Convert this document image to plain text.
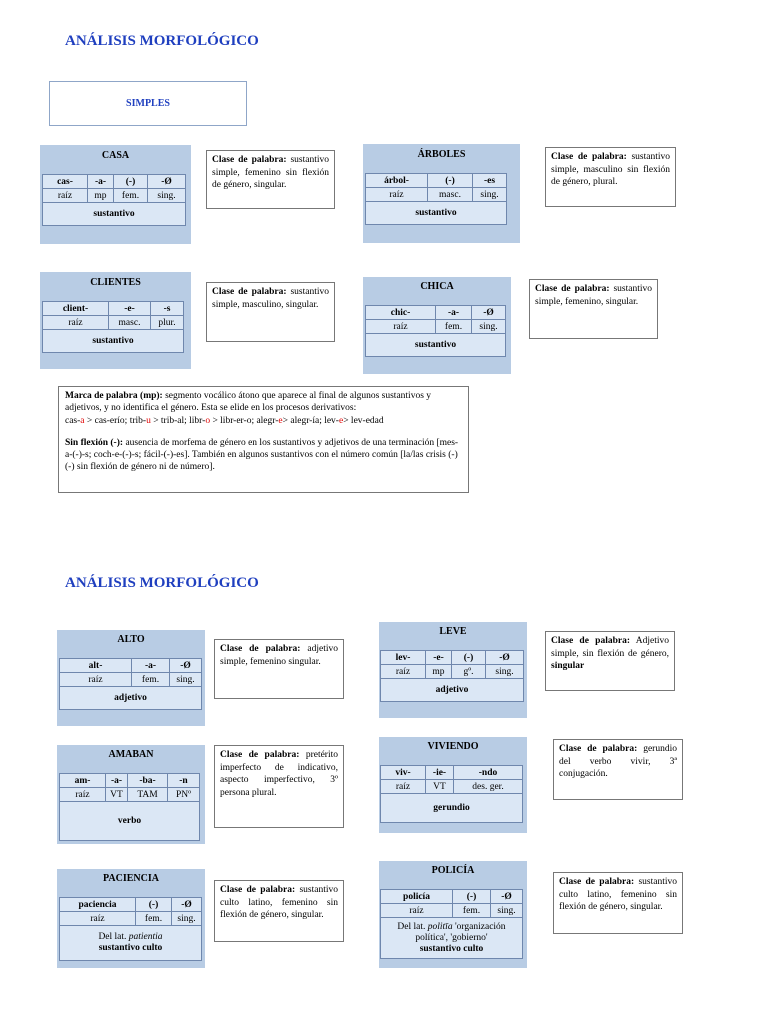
ANÁLISIS MORFOLÓGICO
SIMPLES
CASA
cas-	-a-	(-)	-Ø
raíz	mp	fem.	sing.
sustantivo			
Clase de palabra: sustantivo simple, femenino sin flexión de género, singular.
ÁRBOLES
árbol-	(-)	-es
raíz	masc.	sing.
sustantivo		
Clase de palabra: sustantivo simple, masculino sin flexión de género, plural.
CLIENTES
client-	-e-	-s
raíz	masc.	plur.
sustantivo		
Clase de palabra: sustantivo simple, masculino, singular.
CHICA
chic-	-a-	-Ø
raíz	fem.	sing.
sustantivo		
Clase de palabra: sustantivo simple, femenino, singular.

Marca de palabra (mp): segmento vocálico átono que aparece al final de algunos sustantivos y adjetivos, y no identifica el género. Esta se elide en los procesos derivativos:

cas-a > cas-erío; trib-u > trib-al; libr-o > libr-er-o; alegr-e> alegr-ía; lev-e> lev-edad

Sin flexión (-): ausencia de morfema de género en los sustantivos y adjetivos de una terminación [mes-a-(-)-s; coch-e-(-)-s; fácil-(-)-es]. También en algunos sustantivos con el número común [la/las crisis (-) (-) sin flexión de género ni de número].

ANÁLISIS MORFOLÓGICO
ALTO
alt-	-a-	-Ø
raíz	fem.	sing.
adjetivo		
Clase de palabra: adjetivo simple, femenino singular.
LEVE
lev-	-e-	(-)	-Ø
raíz	mp	gº.	sing.
adjetivo			
Clase de palabra: Adjetivo simple, sin flexión de género, singular
AMABAN
am-	-a-	-ba-	-n
raíz	VT	TAM	PNº
verbo			
Clase de palabra: pretérito imperfecto de indicativo, aspecto imperfectivo, 3º persona plural.
VIVIENDO
viv-	-ie-	-ndo
raíz	VT	des. ger.
gerundio		
Clase de palabra: gerundio del verbo vivir, 3ª conjugación.
PACIENCIA
paciencia	(-)	-Ø
raíz	fem.	sing.
Del lat. patientia
sustantivo culto		
Clase de palabra: sustantivo culto latino, femenino sin flexión de género, singular.
POLICÍA
policía	(-)	-Ø
raíz	fem.	sing.
Del lat. politīa 'organización política', 'gobierno'
sustantivo culto		
Clase de palabra: sustantivo culto latino, femenino sin flexión de género, singular.
